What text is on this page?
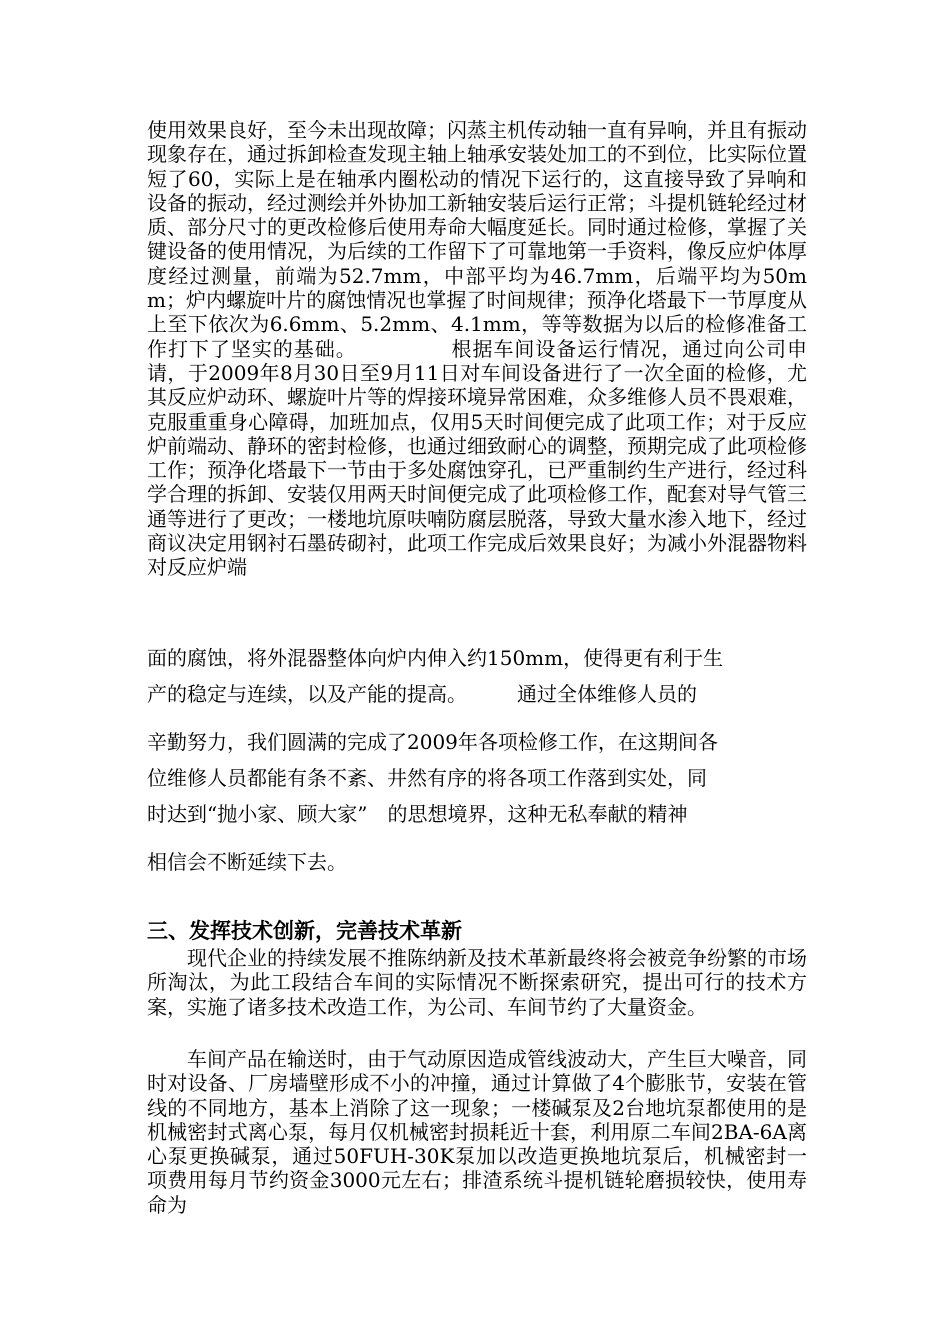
使用效果良好，至今未出现故障；闪蒸主机传动轴一直有异响，并且有振动现象存在，通过拆卸检查发现主轴上轴承安装处加工的不到位，比实际位置短了60，实际上是在轴承内圈松动的情况下运行的，这直接导致了异响和设备的振动，经过测绘并外协加工新轴安装后运行正常；斗提机链轮经过材质、部分尺寸的更改检修后使用寿命大幅度延长。同时通过检修，掌握了关键设备的使用情况，为后续的工作留下了可靠地第一手资料，像反应炉体厚度经过测量，前端为52.7mm，中部平均为46.7mm，后端平均为50mm；炉内螺旋叶片的腐蚀情况也掌握了时间规律；预净化塔最下一节厚度从上至下依次为6.6mm、5.2mm、4.1mm，等等数据为以后的检修准备工作打下了坚实的基础。　　　　　根据车间设备运行情况，通过向公司申请，于2009年8月30日至9月11日对车间设备进行了一次全面的检修，尤其反应炉动环、螺旋叶片等的焊接环境异常困难，众多维修人员不畏艰难，克服重重身心障碍，加班加点，仅用5天时间便完成了此项工作；对于反应炉前端动、静环的密封检修，也通过细致耐心的调整，预期完成了此项检修工作；预净化塔最下一节由于多处腐蚀穿孔，已严重制约生产进行，经过科学合理的拆卸、安装仅用两天时间便完成了此项检修工作，配套对导气管三通等进行了更改；一楼地坑原呋喃防腐层脱落，导致大量水渗入地下，经过商议决定用钢衬石墨砖砌衬，此项工作完成后效果良好；为减小外混器物料对反应炉端

面的腐蚀，将外混器整体向炉内伸入约150mm，使得更有利于生
产的稳定与连续，以及产能的提高。　　　通过全体维修人员的
辛勤努力，我们圆满的完成了2009年各项检修工作，在这期间各
位维修人员都能有条不紊、井然有序的将各项工作落到实处，同
时达到“抛小家、顾大家”　的思想境界，这种无私奉献的精神
相信会不断延续下去。

三、发挥技术创新，完善技术革新

现代企业的持续发展不推陈纳新及技术革新最终将会被竞争纷繁的市场所淘汰，为此工段结合车间的实际情况不断探索研究，提出可行的技术方案，实施了诸多技术改造工作，为公司、车间节约了大量资金。

车间产品在输送时，由于气动原因造成管线波动大，产生巨大噪音，同时对设备、厂房墙壁形成不小的冲撞，通过计算做了4个膨胀节，安装在管线的不同地方，基本上消除了这一现象；一楼碱泵及2台地坑泵都使用的是机械密封式离心泵，每月仅机械密封损耗近十套，利用原二车间2BA-6A离心泵更换碱泵，通过50FUH-30K泵加以改造更换地坑泵后，机械密封一项费用每月节约资金3000元左右；排渣系统斗提机链轮磨损较快，使用寿命为
